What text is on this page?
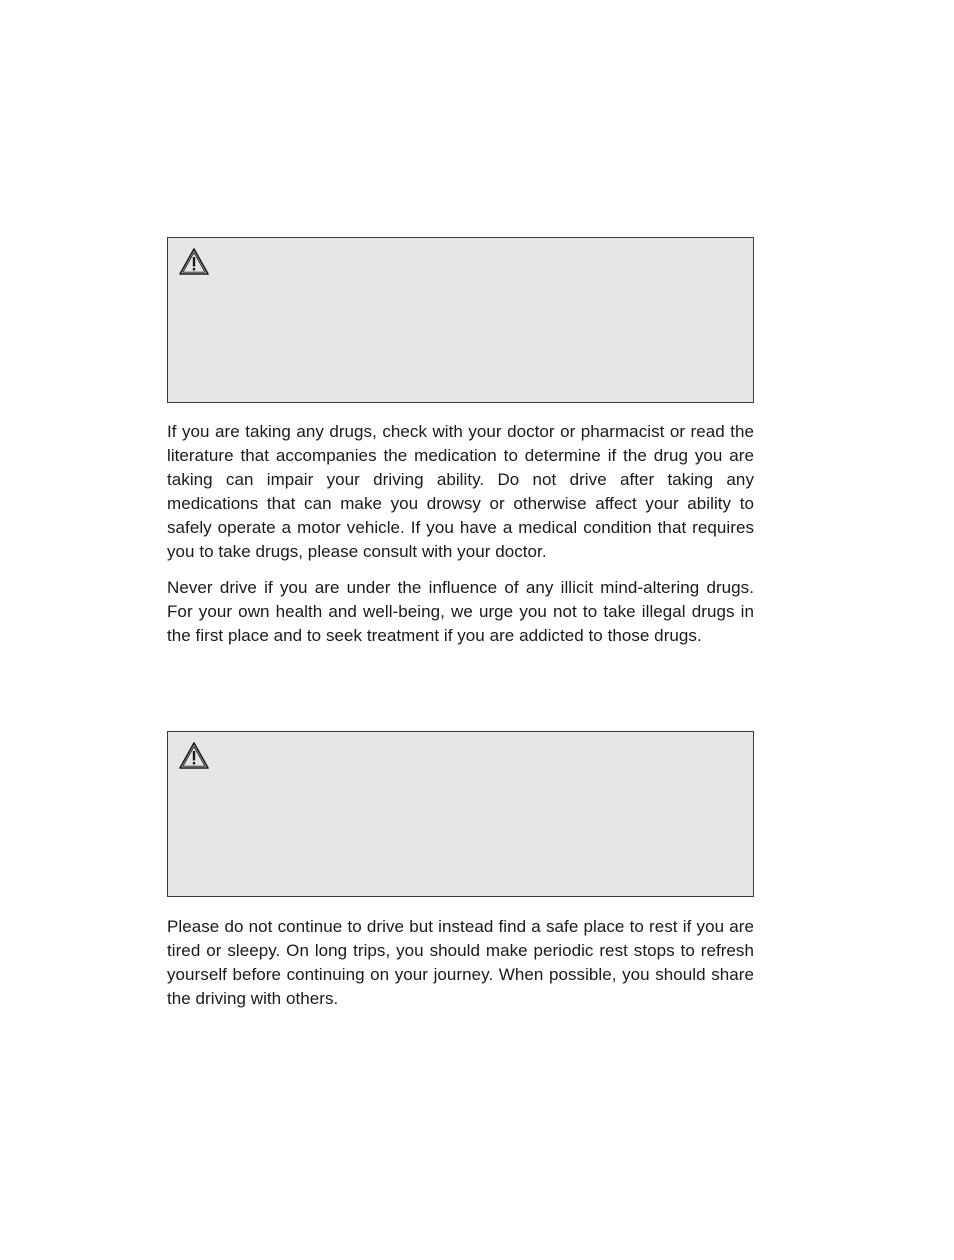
If you are taking any drugs, check with your doctor or pharmacist or read the literature that accompanies the medication to determine if the drug you are taking can impair your driving ability. Do not drive after taking any medications that can make you drowsy or otherwise affect your ability to safely operate a motor vehicle. If you have a medical condition that requires you to take drugs, please consult with your doctor.

Never drive if you are under the influence of any illicit mind-altering drugs. For your own health and well-being, we urge you not to take illegal drugs in the first place and to seek treatment if you are addicted to those drugs.

Please do not continue to drive but instead find a safe place to rest if you are tired or sleepy. On long trips, you should make periodic rest stops to refresh yourself before continuing on your journey. When possible, you should share the driving with others.
